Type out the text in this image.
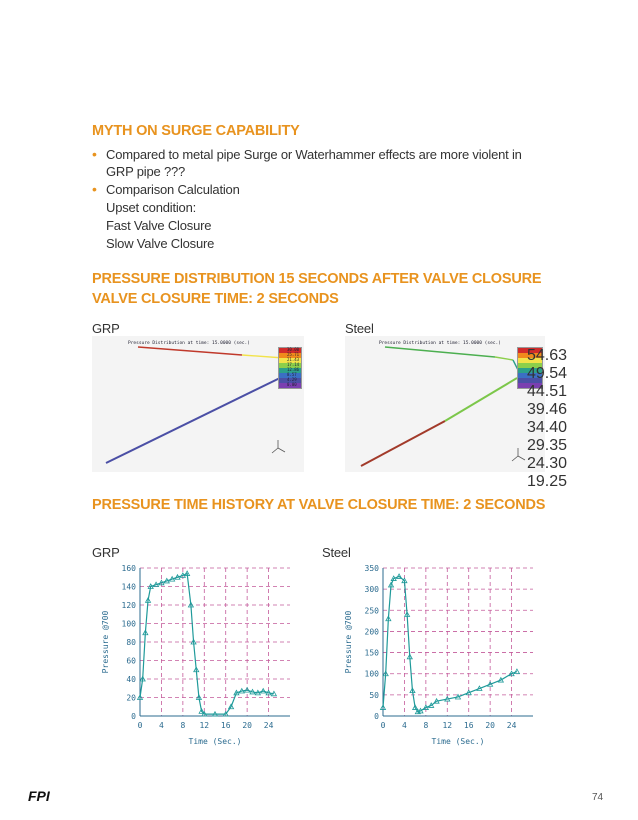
MYTH ON SURGE CAPABILITY
• Compared to metal pipe Surge or Waterhammer effects are more violent in
GRP pipe ???
• Comparison Calculation
Upset condition:
Fast Valve Closure
Slow Valve Closure
PRESSURE DISTRIBUTION 15 SECONDS AFTER VALVE CLOSURE
VALVE CLOSURE TIME: 2 SECONDS
GRP	Steel
Pressure Distribution at time: 15.0000 (sec.)
30.00
25.71
21.43
17.14
12.86
8.57
4.29
0.00
Pressure Distribution at time: 15.0000 (sec.)
54.63
49.54
44.51
39.46
34.40
29.35
24.30
19.25
PRESSURE TIME HISTORY AT VALVE CLOSURE TIME: 2 SECONDS
GRP	Steel
0
20
40
60
80
100
120
140
160
0 4 8 12 16 20 24
Time (Sec.)
Pressure @700
0
50
100
150
200
250
300
350
0 4 8 12 16 20 24
Time (Sec.)
Pressure @700
FPI	74
